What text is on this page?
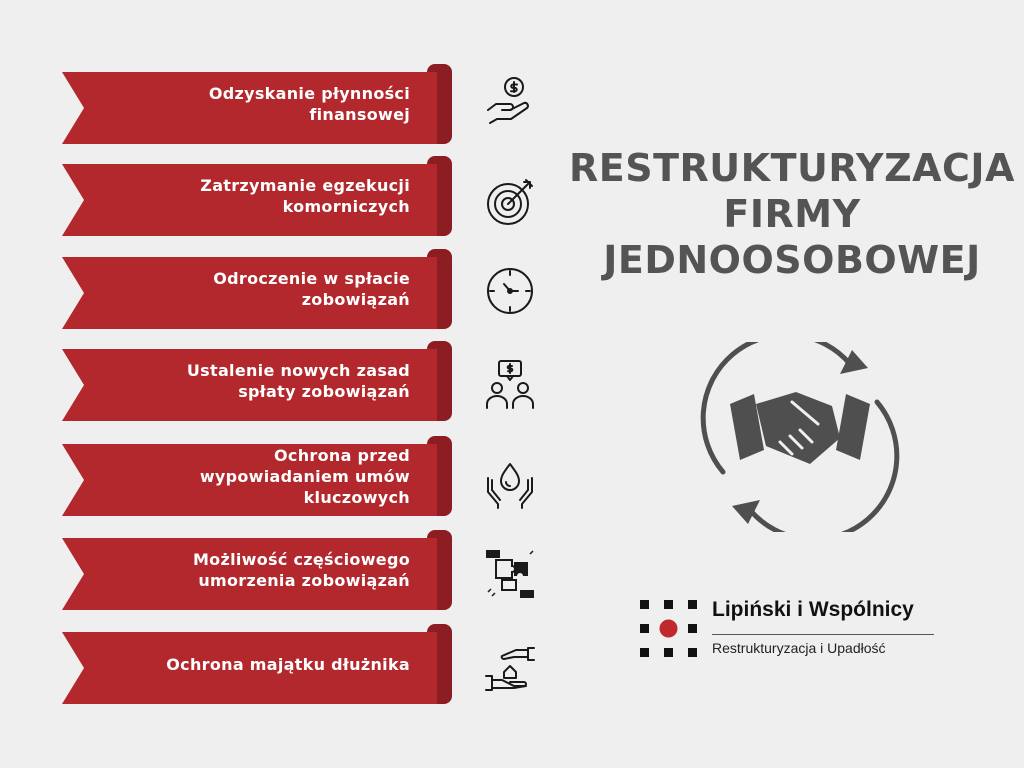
Odzyskanie płynności
finansowej
Zatrzymanie egzekucji
komorniczych
Odroczenie w spłacie
zobowiązań
Ustalenie nowych zasad
spłaty zobowiązań
Ochrona przed
wypowiadaniem umów
kluczowych
Możliwość częściowego
umorzenia zobowiązań
Ochrona majątku dłużnika
RESTRUKTURYZACJA
FIRMY
JEDNOOSOBOWEJ
Lipiński i Wspólnicy
Restrukturyzacja i Upadłość
